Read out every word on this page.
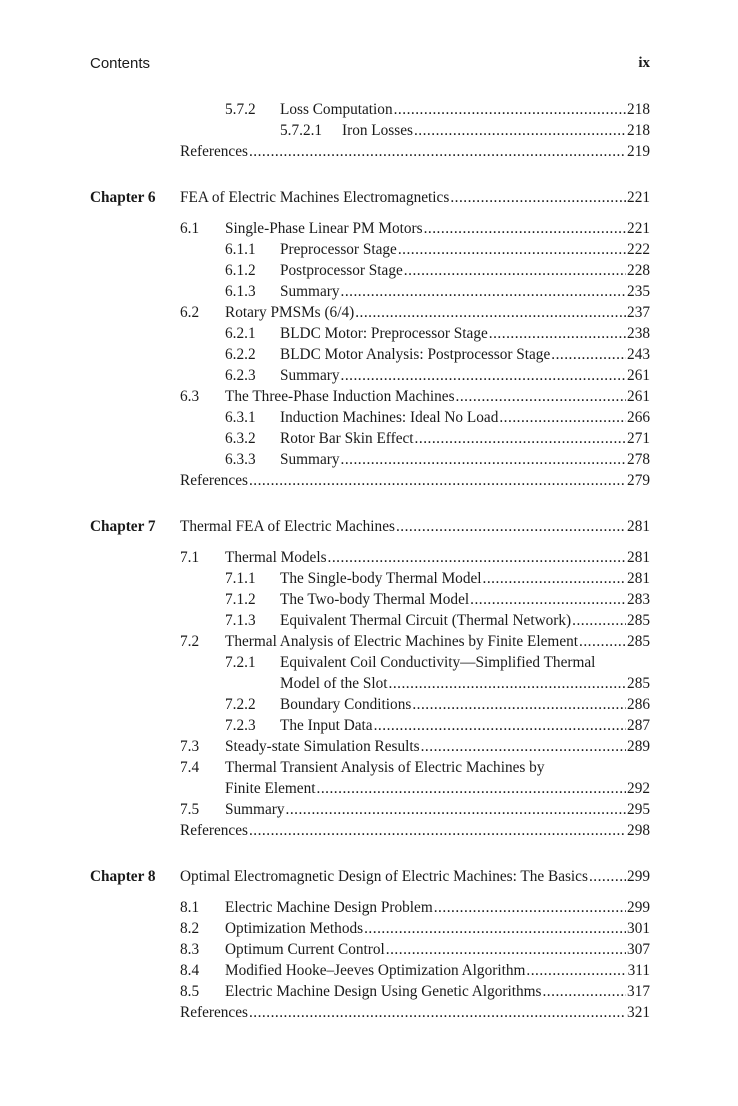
Contents	ix
5.7.2 Loss Computation .....	218
5.7.2.1 Iron Losses .....	218
References .....	219
Chapter 6 FEA of Electric Machines Electromagnetics .....	221
6.1 Single-Phase Linear PM Motors .....	221
6.1.1 Preprocessor Stage .....	222
6.1.2 Postprocessor Stage .....	228
6.1.3 Summary .....	235
6.2 Rotary PMSMs (6/4) .....	237
6.2.1 BLDC Motor: Preprocessor Stage .....	238
6.2.2 BLDC Motor Analysis: Postprocessor Stage .....	243
6.2.3 Summary .....	261
6.3 The Three-Phase Induction Machines .....	261
6.3.1 Induction Machines: Ideal No Load .....	266
6.3.2 Rotor Bar Skin Effect .....	271
6.3.3 Summary .....	278
References .....	279
Chapter 7 Thermal FEA of Electric Machines .....	281
7.1 Thermal Models .....	281
7.1.1 The Single-body Thermal Model .....	281
7.1.2 The Two-body Thermal Model .....	283
7.1.3 Equivalent Thermal Circuit (Thermal Network) .....	285
7.2 Thermal Analysis of Electric Machines by Finite Element .....	285
7.2.1 Equivalent Coil Conductivity—Simplified Thermal
Model of the Slot .....	285
7.2.2 Boundary Conditions .....	286
7.2.3 The Input Data .....	287
7.3 Steady-state Simulation Results .....	289
7.4 Thermal Transient Analysis of Electric Machines by
Finite Element .....	292
7.5 Summary .....	295
References .....	298
Chapter 8 Optimal Electromagnetic Design of Electric Machines: The Basics .....	299
8.1 Electric Machine Design Problem .....	299
8.2 Optimization Methods .....	301
8.3 Optimum Current Control .....	307
8.4 Modified Hooke–Jeeves Optimization Algorithm .....	311
8.5 Electric Machine Design Using Genetic Algorithms .....	317
References .....	321
